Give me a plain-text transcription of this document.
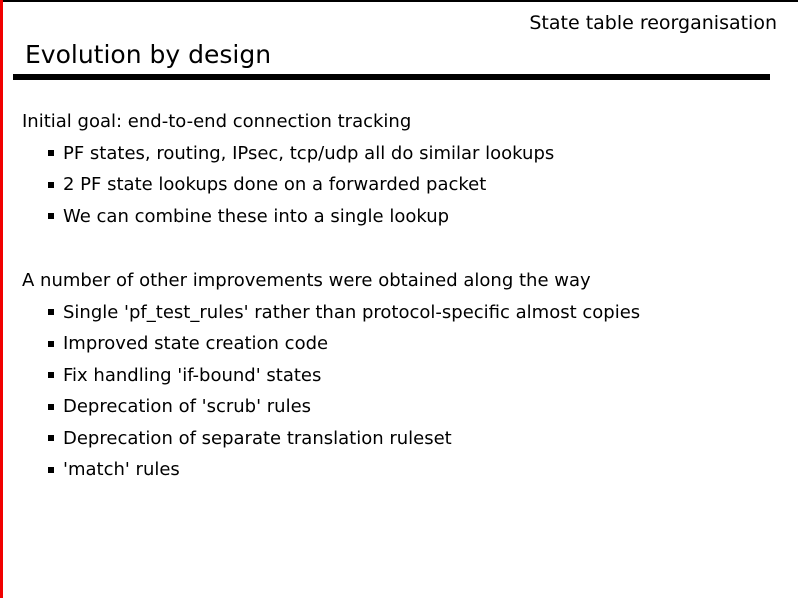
State table reorganisation
Evolution by design
Initial goal: end-to-end connection tracking
PF states, routing, IPsec, tcp/udp all do similar lookups
2 PF state lookups done on a forwarded packet
We can combine these into a single lookup
A number of other improvements were obtained along the way
Single 'pf_test_rules' rather than protocol-specific almost copies
Improved state creation code
Fix handling 'if-bound' states
Deprecation of 'scrub' rules
Deprecation of separate translation ruleset
'match' rules
